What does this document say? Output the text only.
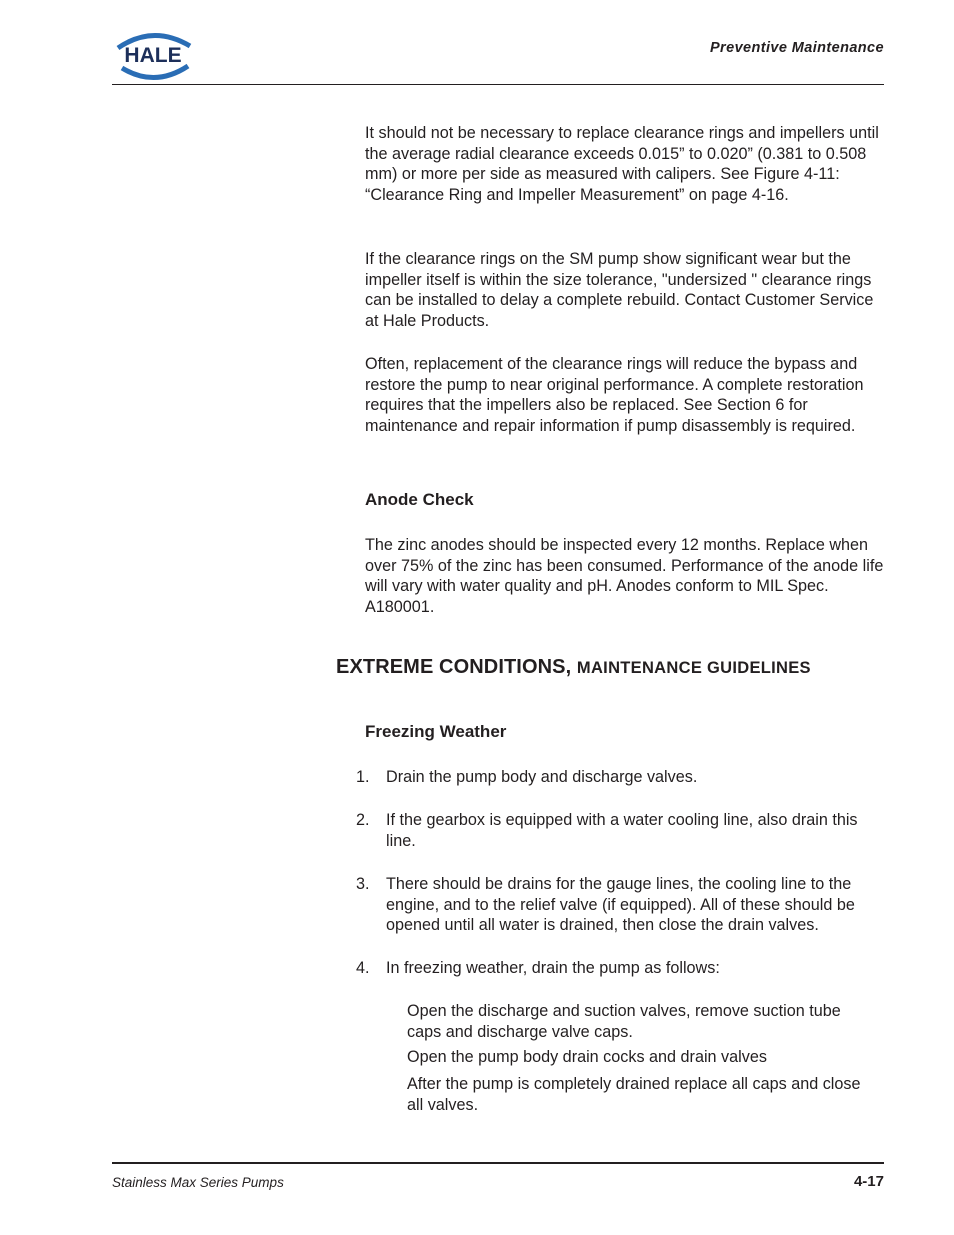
HALE	Preventive Maintenance

It should not be necessary to replace clearance rings and impellers until the average radial clearance exceeds 0.015” to 0.020” (0.381 to 0.508 mm) or more per side as measured with calipers. See Figure 4-11: “Clearance Ring and Impeller Measurement” on page 4-16.

If the clearance rings on the SM pump show significant wear but the impeller itself is within the size tolerance, "undersized " clearance rings can be installed to delay a complete rebuild. Contact Customer Service at Hale Products.

Often, replacement of the clearance rings will reduce the bypass and restore the pump to near original performance. A complete restoration requires that the impellers also be replaced. See Section 6 for maintenance and repair information if pump disassembly is required.

Anode Check

The zinc anodes should be inspected every 12 months. Replace when over 75% of the zinc has been consumed. Performance of the anode life will vary with water quality and pH. Anodes conform to MIL Spec. A180001.

EXTREME CONDITIONS, MAINTENANCE GUIDELINES
Freezing Weather
1.	Drain the pump body and discharge valves.
2.	If the gearbox is equipped with a water cooling line, also drain this line.
3.	There should be drains for the gauge lines, the cooling line to the engine, and to the relief valve (if equipped). All of these should be opened until all water is drained, then close the drain valves.
4.	In freezing weather, drain the pump as follows:
Open the discharge and suction valves, remove suction tube caps and discharge valve caps.
Open the pump body drain cocks and drain valves
After the pump is completely drained replace all caps and close all valves.
Stainless Max Series Pumps	4-17
